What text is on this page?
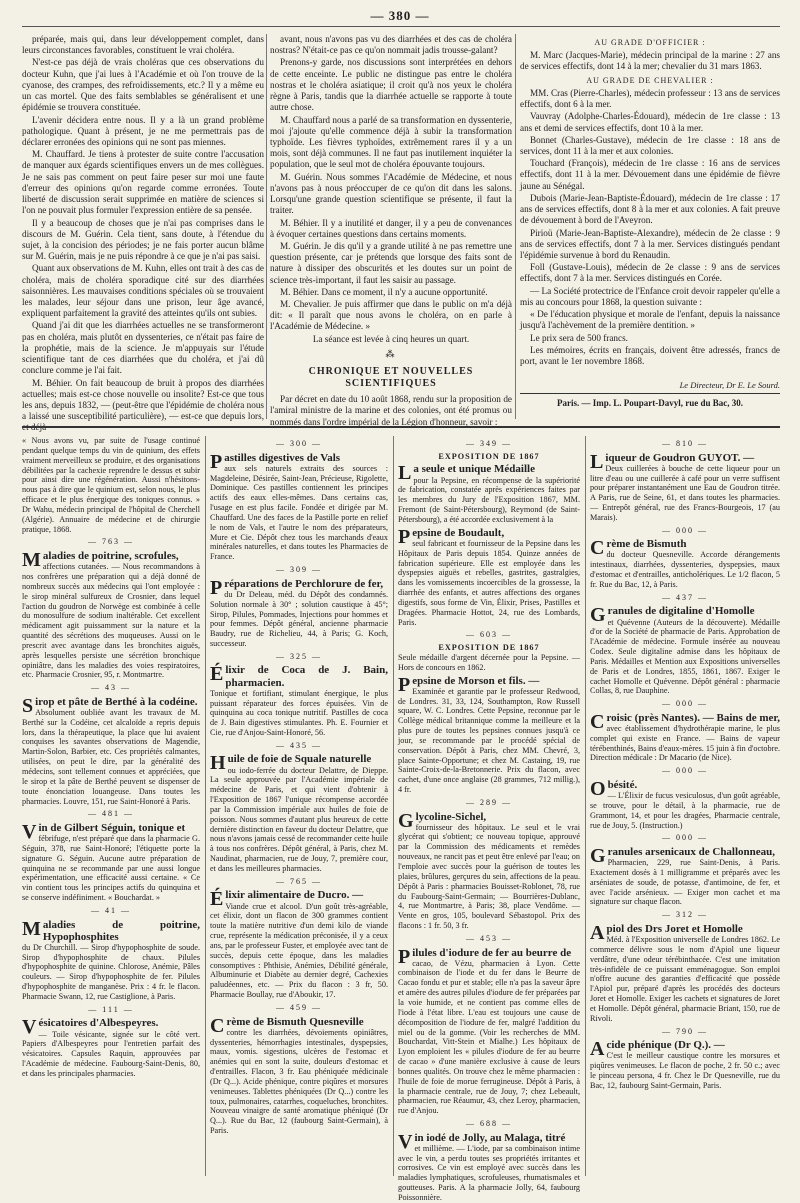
— 380 —

préparée, mais qui, dans leur développement complet, dans leurs circonstances favorables, constituent le vrai choléra.

N'est-ce pas déjà de vrais choléras que ces observations du docteur Kuhn, que j'ai lues à l'Académie et où l'on trouve de la cyanose, des crampes, des refroidissements, etc.? Il y a même eu un cas mortel. Que des faits semblables se généralisent et une épidémie se trouvera constituée.

L'avenir décidera entre nous. Il y a là un grand problème pathologique. Quant à présent, je ne me permettrais pas de déclarer erronées des opinions qui ne sont pas miennes.

M. Chauffard. Je tiens à protester de suite contre l'accusation de manquer aux égards scientifiques envers un de mes collègues. Je ne sais pas comment on peut faire peser sur moi une faute d'erreur des opinions qu'on regarde comme erronées. Toute liberté de discussion serait supprimée en matière de sciences si l'on ne pouvait plus formuler l'expression entière de sa pensée.

Il y a beaucoup de choses que je n'ai pas comprises dans le discours de M. Guérin. Cela tient, sans doute, à l'étendue du sujet, à la concision des périodes; je ne fais porter aucun blâme sur M. Guérin, mais je ne puis répondre à ce que je n'ai pas saisi.

Quant aux observations de M. Kuhn, elles ont trait à des cas de choléra, mais de choléra sporadique cité sur des diarrhées saisonnières. Les mauvaises conditions spéciales où se trouvaient les malades, leur séjour dans une prison, leur âge avancé, expliquent parfaitement la gravité des atteintes qu'ils ont subies.

Quand j'ai dit que les diarrhées actuelles ne se transformeront pas en choléra, mais plutôt en dyssenteries, ce n'était pas faire de la prophétie, mais de la science. Je m'appuyais sur l'étude scientifique tant de ces diarrhées que du choléra, et j'ai dû conclure comme je l'ai fait.

M. Béhier. On fait beaucoup de bruit à propos des diarrhées actuelles; mais est-ce chose nouvelle ou insolite? Est-ce que tous les ans, depuis 1832, — (peut-être que l'épidémie de choléra nous a laissé une susceptibilité particulière), — est-ce que depuis lors, et déjà

avant, nous n'avons pas vu des diarrhées et des cas de choléra nostras? N'était-ce pas ce qu'on nommait jadis trousse-galant?

Prenons-y garde, nos discussions sont interprétées en dehors de cette enceinte. Le public ne distingue pas entre le choléra nostras et le choléra asiatique; il croit qu'à nos yeux le choléra règne à Paris, tandis que la diarrhée actuelle se rapporte à toute autre chose.

M. Chauffard nous a parlé de sa transformation en dyssenterie, moi j'ajoute qu'elle commence déjà à subir la transformation typhoïde. Les fièvres typhoïdes, extrêmement rares il y a un mois, sont déjà communes. Il ne faut pas inutilement inquiéter la population, que le seul mot de choléra épouvante toujours.

M. Guérin. Nous sommes l'Académie de Médecine, et nous n'avons pas à nous préoccuper de ce qu'on dit dans les salons. Lorsqu'une grande question scientifique se présente, il faut la traiter.

M. Béhier. Il y a inutilité et danger, il y a peu de convenances à évoquer certaines questions dans certains moments.

M. Guérin. Je dis qu'il y a grande utilité à ne pas remettre une question présente, car je prétends que lorsque des faits sont de nature à dissiper des obscurités et les doutes sur un point de science très-important, il faut les saisir au passage.

M. Béhier. Dans ce moment, il n'y a aucune opportunité.

M. Chevalier. Je puis affirmer que dans le public on m'a déjà dit: « Il paraît que nous avons le choléra, on en parle à l'Académie de Médecine. »

La séance est levée à cinq heures un quart.

⁂
CHRONIQUE ET NOUVELLES SCIENTIFIQUES

Par décret en date du 10 août 1868, rendu sur la proposition de l'amiral ministre de la marine et des colonies, ont été promus ou nommés dans l'ordre impérial de la Légion d'honneur, savoir :

AU GRADE D'OFFICIER :

M. Marc (Jacques-Marie), médecin principal de la marine : 27 ans de services effectifs, dont 14 à la mer; chevalier du 31 mars 1863.

AU GRADE DE CHEVALIER :

MM. Cras (Pierre-Charles), médecin professeur : 13 ans de services effectifs, dont 6 à la mer.

Vauvray (Adolphe-Charles-Édouard), médecin de 1re classe : 13 ans et demi de services effectifs, dont 10 à la mer.

Bonnet (Charles-Gustave), médecin de 1re classe : 18 ans de services, dont 11 à la mer et aux colonies.

Touchard (François), médecin de 1re classe : 16 ans de services effectifs, dont 11 à la mer. Dévouement dans une épidémie de fièvre jaune au Sénégal.

Dubois (Marie-Jean-Baptiste-Édouard), médecin de 1re classe : 17 ans de services effectifs, dont 8 à la mer et aux colonies. A fait preuve de dévouement à bord de l'Aveyron.

Pirioü (Marie-Jean-Baptiste-Alexandre), médecin de 2e classe : 9 ans de services effectifs, dont 7 à la mer. Services distingués pendant l'épidémie survenue à bord du Renaudin.

Foll (Gustave-Louis), médecin de 2e classe : 9 ans de services effectifs, dont 7 à la mer. Services distingués en Corée.

— La Société protectrice de l'Enfance croit devoir rappeler qu'elle a mis au concours pour 1868, la question suivante :

« De l'éducation physique et morale de l'enfant, depuis la naissance jusqu'à l'achèvement de la première dentition. »

Le prix sera de 500 francs.

Les mémoires, écrits en français, doivent être adressés, francs de port, avant le 1er novembre 1868.

Le Directeur, Dr E. Le Sourd.
Paris. — Imp. L. Poupart-Davyl, rue du Bac, 30.

« Nous avons vu, par suite de l'usage continué pendant quelque temps du vin de quinium, des effets vraiment merveilleux se produire, et des organisations débilitées par la cachexie reprendre le dessus et subir pour ainsi dire une régénération. Aussi n'hésitons-nous pas à dire que le quinium est, selon nous, le plus efficace et le plus énergique des toniques connus. » Dr Wahu, médecin principal de l'hôpital de Cherchell (Algérie). Annuaire de médecine et de chirurgie pratique, 1868.

— 763 —
Maladies de poitrine, scrofules,

affections cutanées. — Nous recommandons à nos confrères une préparation qui a déjà donné de nombreux succès aux médecins qui l'ont employée : le sirop minéral sulfureux de Crosnier, dans lequel l'action du goudron de Norwège est combinée à celle du monosulfure de sodium inaltérable. Cet excellent médicament agit puissamment sur la nature et la quantité des sécrétions des muqueuses. Aussi on le prescrit avec avantage dans les bronchites aiguës, après lesquelles persiste une sécrétion bronchique opiniâtre, dans les maladies des voies respiratoires, etc. Pharmacie Crosnier, 95, r. Montmartre.

— 43 —
Sirop et pâte de Berthé à la codéine.

Absolument oubliée avant les travaux de M. Berthé sur la Codéine, cet alcaloïde a repris depuis lors, dans la thérapeutique, la place que lui avaient conquises les savantes observations de Magendie, Martin-Solon, Barbier, etc. Ces propriétés calmantes, utilisées, on peut le dire, par la généralité des médecins, sont tellement connues et appréciées, que le sirop et la pâte de Berthé peuvent se dispenser de toute énonciation louangeuse. Dans toutes les pharmacies. Louvre, 151, rue Saint-Honoré à Paris.

— 481 —
Vin de Gilbert Séguin, tonique et

fébrifuge, n'est préparé que dans la pharmacie G. Séguin, 378, rue Saint-Honoré; l'étiquette porte la signature G. Séguin. Aucune autre préparation de quinquina ne se recommande par une aussi longue expérimentation, une efficacité aussi certaine. « Ce vin contient tous les principes actifs du quinquina et se conserve indéfiniment. « Bouchardat. »

— 41 —
Maladies de poitrine, Hypophosphites

du Dr Churchill. — Sirop d'hypophosphite de soude. Sirop d'hypophosphite de chaux. Pilules d'hypophosphite de quinine. Chlorose, Anémie, Pâles couleurs. — Sirop d'hypophosphite de fer. Pilules d'hypophosphite de manganèse. Prix : 4 fr. le flacon. Pharmacie Swann, 12, rue Castiglione, à Paris.

— 111 —
Vésicatoires d'Albespeyres.

— Toile vésicante, signée sur le côté vert. Papiers d'Albespeyres pour l'entretien parfait des vésicatoires. Capsules Raquin, approuvées par l'Académie de médecine. Faubourg-Saint-Denis, 80, et dans les principales pharmacies.

— 300 —
Pastilles digestives de Vals

aux sels naturels extraits des sources : Magdeleine, Désirée, Saint-Jean, Précieuse, Rigolette, Dominique. Ces pastilles contiennent les principes actifs des eaux elles-mêmes. Dans certains cas, l'usage en est plus facile. Fondée et dirigée par M. Chauffard. Une des faces de la Pastille porte en relief le nom de Vals, et l'autre le nom des préparateurs, Mure et Cie. Dépôt chez tous les marchands d'eaux minérales naturelles, et dans toutes les Pharmacies de France.

— 309 —
Préparations de Perchlorure de fer,

du Dr Deleau, méd. du Dépôt des condamnés. Solution normale à 30° ; solution caustique à 45°; Sirop, Pilules, Pommades, Injections pour hommes et pour femmes. Dépôt général, ancienne pharmacie Baudry, rue de Richelieu, 44, à Paris; G. Koch, successeur.

— 325 —
Élixir de Coca de J. Bain, pharmacien.

Tonique et fortifiant, stimulant énergique, le plus puissant réparateur des forces épuisées. Vin de quinquina au coca tonique nutritif. Pastilles de coca de J. Bain digestives stimulantes. Ph. E. Fournier et Cie, rue d'Anjou-Saint-Honoré, 56.

— 435 —
Huile de foie de Squale naturelle

ou iodo-ferrée du docteur Delattre, de Dieppe. La seule approuvée par l'Académie impériale de médecine de Paris, et qui vient d'obtenir à l'Exposition de 1867 l'unique récompense accordée par la Commission impériale aux huiles de foie de poisson. Nous sommes d'autant plus heureux de cette dernière distinction en faveur du docteur Delattre, que nous n'avons jamais cessé de recommander cette huile à tous nos confrères. Dépôt général, à Paris, chez M. Naudinat, pharmacien, rue de Jouy, 7, première cour, et dans les meilleures pharmacies.

— 765 —
Élixir alimentaire de Ducro. —

Viande crue et alcool. D'un goût très-agréable, cet élixir, dont un flacon de 300 grammes contient toute la matière nutritive d'un demi kilo de viande crue, représente la médication préconisée, il y a ceux ans, par le professeur Fuster, et employée avec tant de succès, depuis cette époque, dans les maladies consomptives : Phthisie, Anémies, Débilité générale, Albuminurie et Diabète au dernier degré, Cachexies paludéennes, etc. — Prix du flacon : 3 fr, 50. Pharmacie Boullay, rue d'Aboukir, 17.

— 459 —
Crème de Bismuth Quesneville

contre les diarrhées, dévoiements opiniâtres, dyssenteries, hémorrhagies intestinales, dyspepsies, maux, vomis. sigestions, ulcères de l'estomac et anémies qui en sont la suite, douleurs d'estomac et d'entrailles. Flacon, 3 fr. Eau phéniquée médicinale (Dr Q...). Acide phénique, contre piqûres et morsures venimeuses. Tablettes phéniquées (Dr Q...) contre les toux, pulmonaires, catarrhes, coqueluches, bronchites. Nouveau vinaigre de santé aromatique phéniqué (Dr Q...). Rue du Bac, 12 (faubourg Saint-Germain), à Paris.

— 349 —
EXPOSITION DE 1867
La seule et unique Médaille

pour la Pepsine, en récompense de la supériorité de fabrication, constatée après expériences faites par les membres du Jury de l'Exposition 1867, MM. Fremont (de Saint-Pétersbourg), Reymond (de Saint-Pétersbourg), a été accordée exclusivement à la

Pepsine de Boudault,

seul fabricant et fournisseur de la Pepsine dans les Hôpitaux de Paris depuis 1854. Quinze années de fabrication supérieure. Elle est employée dans les dyspepsies aiguës et rebelles, gastrites, gastralgies, dans les vomissements incoercibles de la grossesse, la diarrhée des enfants, et autres affections des organes digestifs, sous forme de Vin, Élixir, Prises, Pastilles et Dragées. Pharmacie Hottot, 24, rue des Lombards, Paris.

— 603 —
EXPOSITION DE 1867

Seule médaille d'argent décernée pour la Pepsine. — Hors de concours en 1862.

Pepsine de Morson et fils. —

Examinée et garantie par le professeur Redwood, de Londres. 31, 33, 124, Southampton, Row Russell square, W. C. Londres. Cette Pepsine, reconnue par le Collège médical britannique comme la meilleure et la plus pure de toutes les pepsines connues jusqu'à ce jour, se recommande par le procédé spécial de conservation. Dépôt à Paris, chez MM. Chevré, 3, place Sainte-Opportune; et chez M. Castaing, 19, rue Sainte-Croix-de-la-Bretonnerie. Prix du flacon, avec cachet, d'une once anglaise (28 grammes, 712 millig.), 4 fr.

— 289 —
Glycoline-Sichel,

fournisseur des hôpitaux. Le seul et le vrai glycérat qui s'obtient; ce nouveau topique, approuvé par la Commission des médicaments et remèdes nouveaux, ne rancit pas et peut être enlevé par l'eau; on l'emploie avec succès pour la guérison de toutes les plaies, brûlures, gerçures du sein, affections de la peau. Dépôt à Paris : pharmacies Bouisset-Roblonet, 78, rue du Faubourg-Saint-Germain; — Bourrières-Dublanc, 4, rue Montmartre, à Paris; 38, place Vendôme. — Vente en gros, 105, boulevard Sébastopol. Prix des flacons : 1 fr. 50, 3 fr.

— 453 —
Pilules d'iodure de fer au beurre de

cacao, de Vézu, pharmacien à Lyon. Cette combinaison de l'iode et du fer dans le Beurre de Cacao fondu et pur et stable; elle n'a pas la saveur âpre et amère des autres pilules d'iodure de fer préparées par la voie humide, et ne contient pas comme elles de l'iode à l'état libre. L'eau est toujours une cause de décomposition de l'iodure de fer, malgré l'addition du miel ou de la gomme. (Voir les recherches de MM. Bouchardat, Vitt-Stein et Mialhe.) Les hôpitaux de Lyon emploient les « pilules d'iodure de fer au beurre de cacao » d'une manière exclusive à cause de leurs bonnes qualités. On trouve chez le même pharmacien : l'huile de foie de morue ferrugineuse. Dépôt à Paris, à la pharmacie centrale, rue de Jouy, 7; chez Lebeault, pharmacien, rue Réaumur, 43, chez Leroy, pharmacien, rue d'Anjou.

— 688 —
Vin iodé de Jolly, au Malaga, titré

et millième. — L'iode, par sa combinaison intime avec le vin, a perdu toutes ses propriétés irritantes et corrosives. Ce vin est employé avec succès dans les maladies lymphatiques, scrofuleuses, rhumatismales et goutteuses. Paris. A la pharmacie Jolly, 64, faubourg Poissonnière.

— 810 —
Liqueur de Goudron GUYOT. —

Deux cuillerées à bouche de cette liqueur pour un litre d'eau ou une cuillerée à café pour un verre suffisent pour préparer instantanément une Eau de Goudron titrée. A Paris, rue de Seine, 61, et dans toutes les pharmacies. — Entrepôt général, rue des Francs-Bourgeois, 17 (au Marais).

— 000 —
Crème de Bismuth

du docteur Quesneville. Accorde dérangements intestinaux, diarrhées, dyssenteries, dyspepsies, maux d'estomac et d'entrailles, anticholériques. Le 1/2 flacon, 5 fr. Rue du Bac, 12, à Paris.

— 437 —
Granules de digitaline d'Homolle

et Quévenne (Auteurs de la découverte). Médaille d'or de la Société de pharmacie de Paris. Approbation de l'Académie de médecine. Formule insérée au nouveau Codex. Seule digitaline admise dans les hôpitaux de Paris. Médailles et Mention aux Expositions universelles de Paris et de Londres, 1855, 1861, 1867. Exiger le cachet Homolle et Quévenne. Dépôt général : pharmacie Collas, 8, rue Dauphine.

— 000 —
Croisic (près Nantes). — Bains de mer,

avec établissement d'hydrothérapie marine, le plus complet qui existe en France. — Bains de vapeur térébenthinés, Bains d'eaux-mères. 15 juin à fin d'octobre. Direction médicale : Dr Macario (de Nice).

— 000 —
Obésité.

— L'Élixir de fucus vesiculosus, d'un goût agréable, se trouve, pour le détail, à la pharmacie, rue de Grammont, 14, et pour les dragées, Pharmacie centrale, rue de Jouy, 5. (Instruction.)

— 000 —
Granules arsenicaux de Challonneau,

Pharmacien, 229, rue Saint-Denis, à Paris. Exactement dosés à 1 milligramme et préparés avec les arséniates de soude, de potasse, d'antimoine, de fer, et avec l'acide arsénieux. — Exiger mon cachet et ma signature sur chaque flacon.

— 312 —
Apiol des Drs Joret et Homolle

Méd. à l'Exposition universelle de Londres 1862. Le commerce délivre sous le nom d'Apiol une liqueur verdâtre, d'une odeur térébinthacée. C'est une imitation très-infidèle de ce puissant emménagogue. Son emploi n'offre aucune des garanties d'efficacité que possède l'Apiol pur, préparé d'après les procédés des docteurs Joret et Homolle. Exiger les cachets et signatures de Joret et Homolle. Dépôt général, pharmacie Briant, 150, rue de Rivoli.

— 790 —
Acide phénique (Dr Q.). —

C'est le meilleur caustique contre les morsures et piqûres venimeuses. Le flacon de poche, 2 fr. 50 c.; avec le pinceau persona, 4 fr. Chez le Dr Quesneville, rue du Bac, 12, faubourg Saint-Germain, Paris.
